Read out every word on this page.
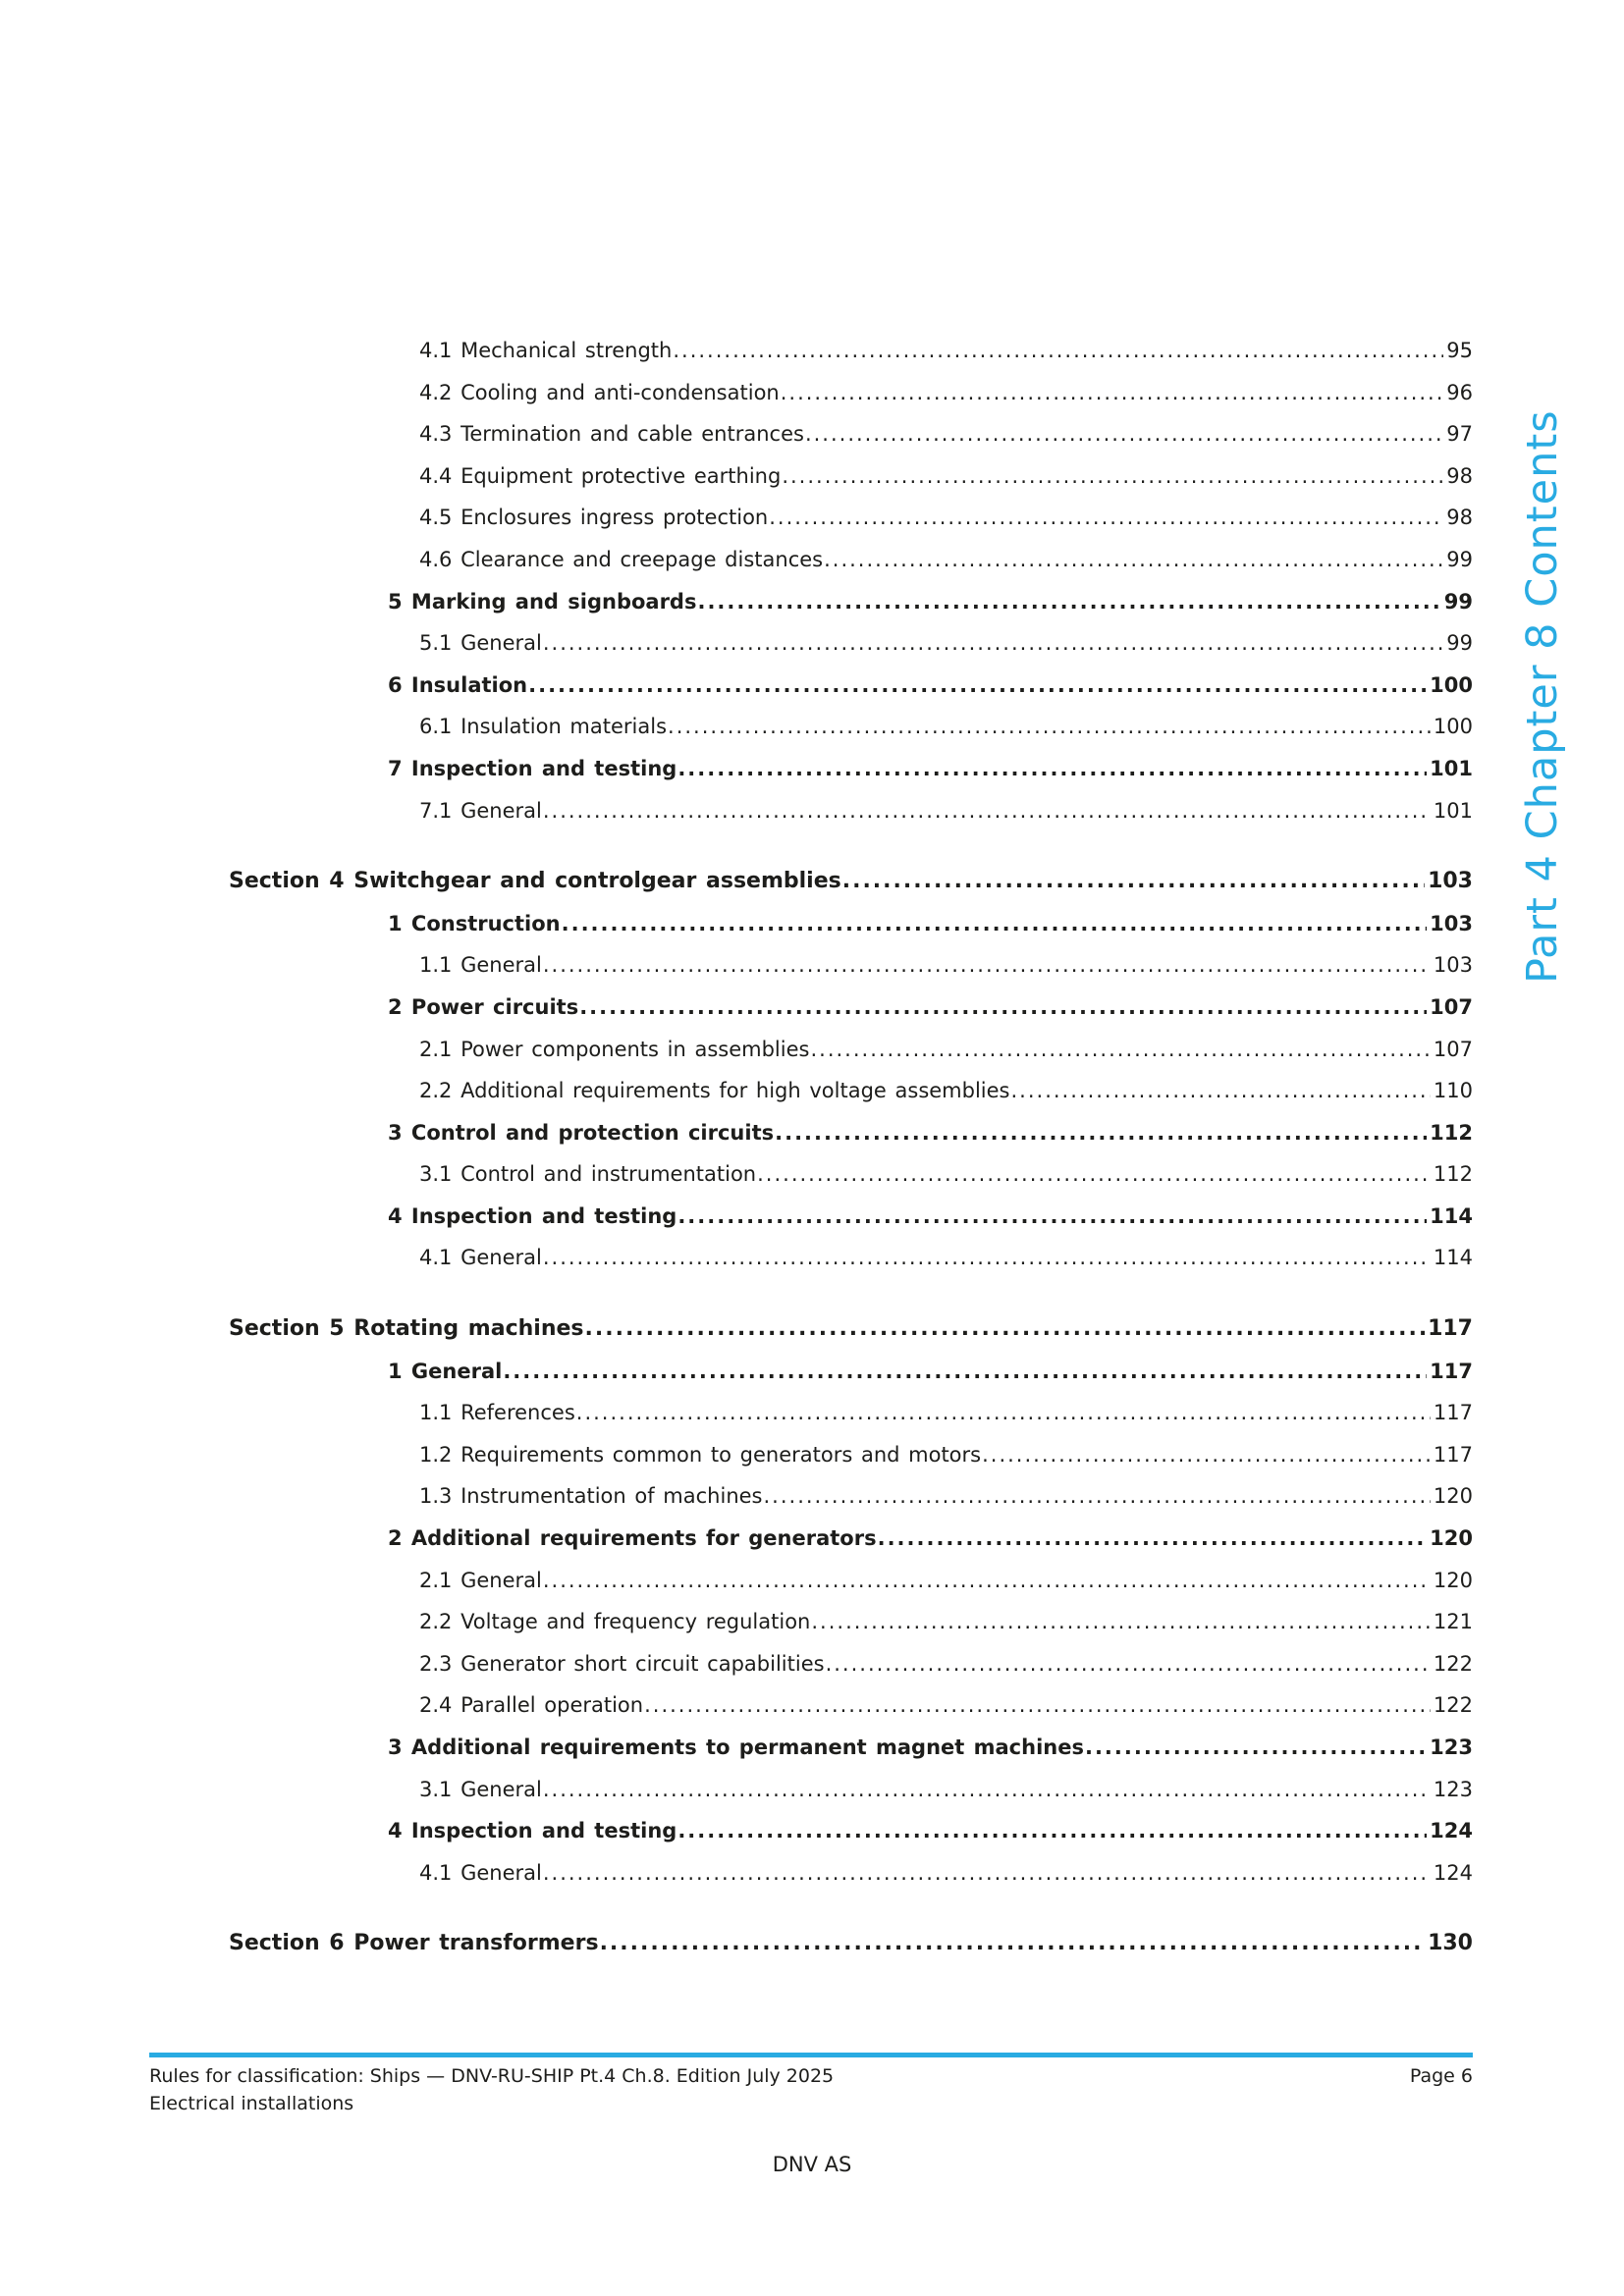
Part 4 Chapter 8 Contents
4.1 Mechanical strength .....	95
4.2 Cooling and anti-condensation .....	96
4.3 Termination and cable entrances .....	97
4.4 Equipment protective earthing .....	98
4.5 Enclosures ingress protection .....	98
4.6 Clearance and creepage distances .....	99
5 Marking and signboards .....	99
5.1 General .....	99
6 Insulation .....	100
6.1 Insulation materials .....	100
7 Inspection and testing .....	101
7.1 General .....	101
Section 4 Switchgear and controlgear assemblies .....	103
1 Construction .....	103
1.1 General .....	103
2 Power circuits .....	107
2.1 Power components in assemblies .....	107
2.2 Additional requirements for high voltage assemblies .....	110
3 Control and protection circuits .....	112
3.1 Control and instrumentation .....	112
4 Inspection and testing .....	114
4.1 General .....	114
Section 5 Rotating machines .....	117
1 General .....	117
1.1 References .....	117
1.2 Requirements common to generators and motors .....	117
1.3 Instrumentation of machines .....	120
2 Additional requirements for generators .....	120
2.1 General .....	120
2.2 Voltage and frequency regulation .....	121
2.3 Generator short circuit capabilities .....	122
2.4 Parallel operation .....	122
3 Additional requirements to permanent magnet machines .....	123
3.1 General .....	123
4 Inspection and testing .....	124
4.1 General .....	124
Section 6 Power transformers .....	130
Rules for classification: Ships — DNV-RU-SHIP Pt.4 Ch.8. Edition July 2025	Page 6
Electrical installations
DNV AS
